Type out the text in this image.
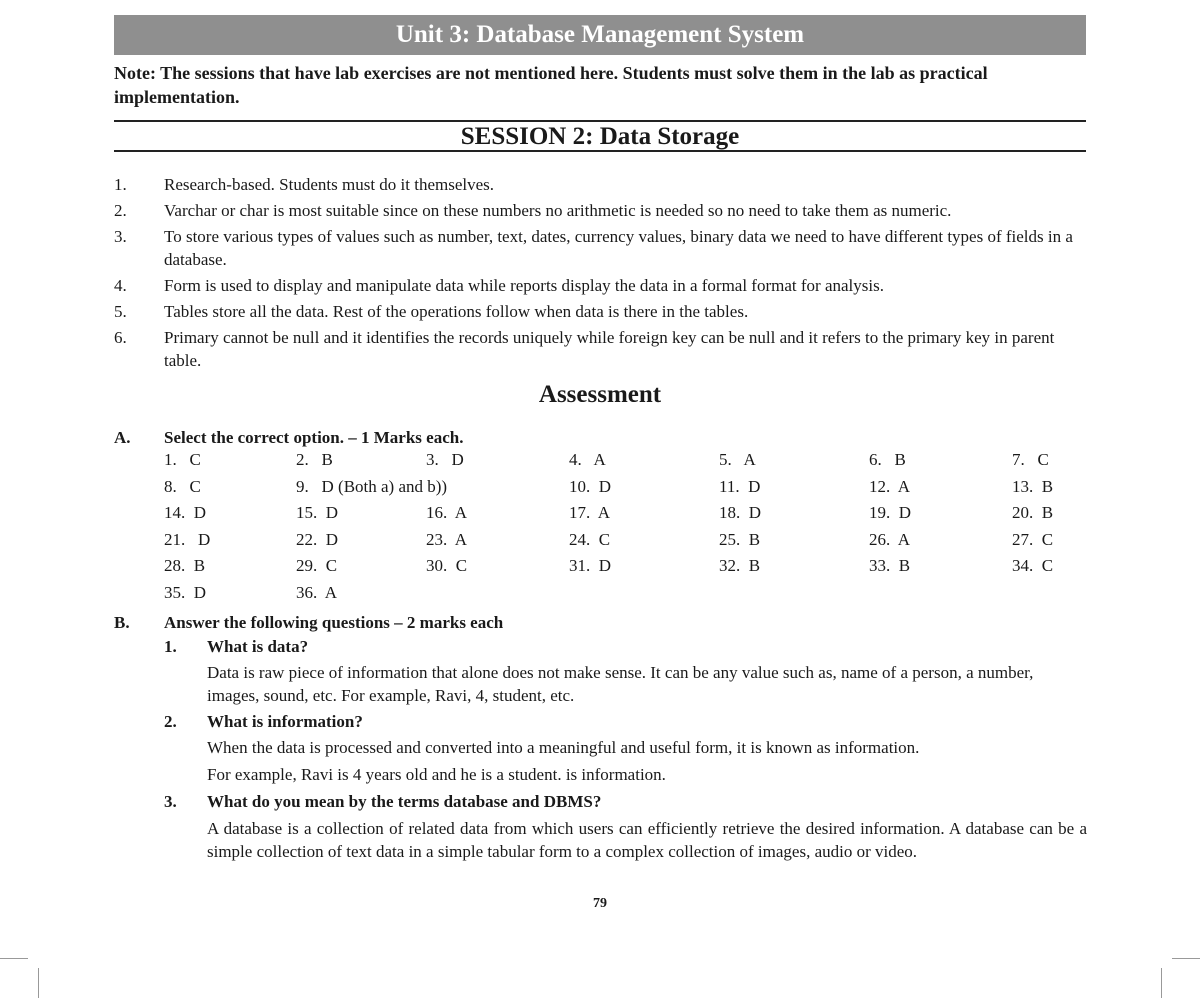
Unit 3: Database Management System
Note: The sessions that have lab exercises are not mentioned here. Students must solve them in the lab as practical implementation.
SESSION 2: Data Storage
1.	Research-based. Students must do it themselves.
2.	Varchar or char is most suitable since on these numbers no arithmetic is needed so no need to take them as numeric.
3.	To store various types of values such as number, text, dates, currency values, binary data we need to have different types of fields in a database.
4.	Form is used to display and manipulate data while reports display the data in a formal format for analysis.
5.	Tables store all the data. Rest of the operations follow when data is there in the tables.
6.	Primary cannot be null and it identifies the records uniquely while foreign key can be null and it refers to the primary key in parent table.
Assessment
A. Select the correct option. – 1 Marks each.
1.   C	2.   B	3.   D	4.   A	5.   A	6.   B	7.   C
8.   C	9.   D (Both a) and b))	10.  D	11.  D	12.  A	13.  B
14.  D	15.  D	16.  A	17.  A	18.  D	19.  D	20.  B
21.   D	22.  D	23.  A	24.  C	25.  B	26.  A	27.  C
28.  B	29.  C	30.  C	31.  D	32.  B	33.  B	34.  C
35.  D	36.  A
B. Answer the following questions – 2 marks each
1. What is data?
Data is raw piece of information that alone does not make sense. It can be any value such as, name of a person, a number, images, sound, etc. For example, Ravi, 4, student, etc.
2. What is information?
When the data is processed and converted into a meaningful and useful form, it is known as information.
For example, Ravi is 4 years old and he is a student. is information.
3. What do you mean by the terms database and DBMS?
A database is a collection of related data from which users can efficiently retrieve the desired information. A database can be a simple collection of text data in a simple tabular form to a complex collection of images, audio or video.
79
